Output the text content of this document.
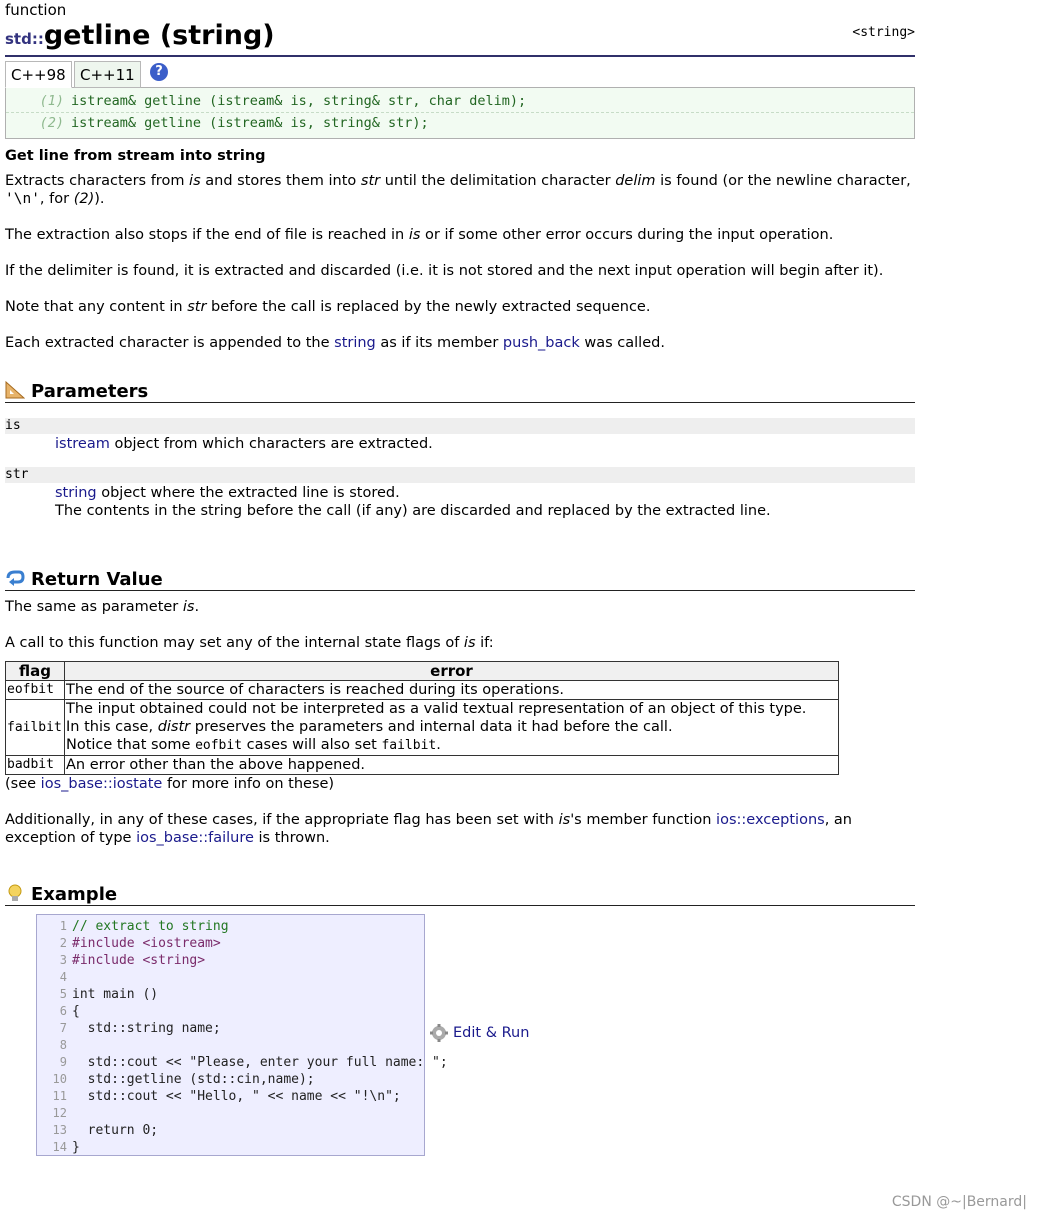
function
std::getline (string)	<string>
C++98 C++11	?
(1) istream& getline (istream& is, string& str, char delim);
(2) istream& getline (istream& is, string& str);

Get line from stream into string

Extracts characters from is and stores them into str until the delimitation character delim is found (or the newline character, '\n', for (2)).

The extraction also stops if the end of file is reached in is or if some other error occurs during the input operation.

If the delimiter is found, it is extracted and discarded (i.e. it is not stored and the next input operation will begin after it).

Note that any content in str before the call is replaced by the newly extracted sequence.

Each extracted character is appended to the string as if its member push_back was called.

Parameters
is
istream object from which characters are extracted.
str
string object where the extracted line is stored.
The contents in the string before the call (if any) are discarded and replaced by the extracted line.
Return Value

The same as parameter is.

A call to this function may set any of the internal state flags of is if:

flag	error
eofbit	The end of the source of characters is reached during its operations.
failbit	The input obtained could not be interpreted as a valid textual representation of an object of this type.
In this case, distr preserves the parameters and internal data it had before the call.
Notice that some eofbit cases will also set failbit.
badbit	An error other than the above happened.

(see ios_base::iostate for more info on these)

Additionally, in any of these cases, if the appropriate flag has been set with is's member function ios::exceptions, an exception of type ios_base::failure is thrown.

Example
1
2
3
4
5
6
7
8
9
10
11
12
13
14
// extract to string
#include <iostream>
#include <string>
int main ()
{
std::string name;
std::cout << "Please, enter your full name: ";
std::getline (std::cin,name);
std::cout << "Hello, " << name << "!\n";
return 0;
}
Edit & Run
CSDN @~|Bernard|
